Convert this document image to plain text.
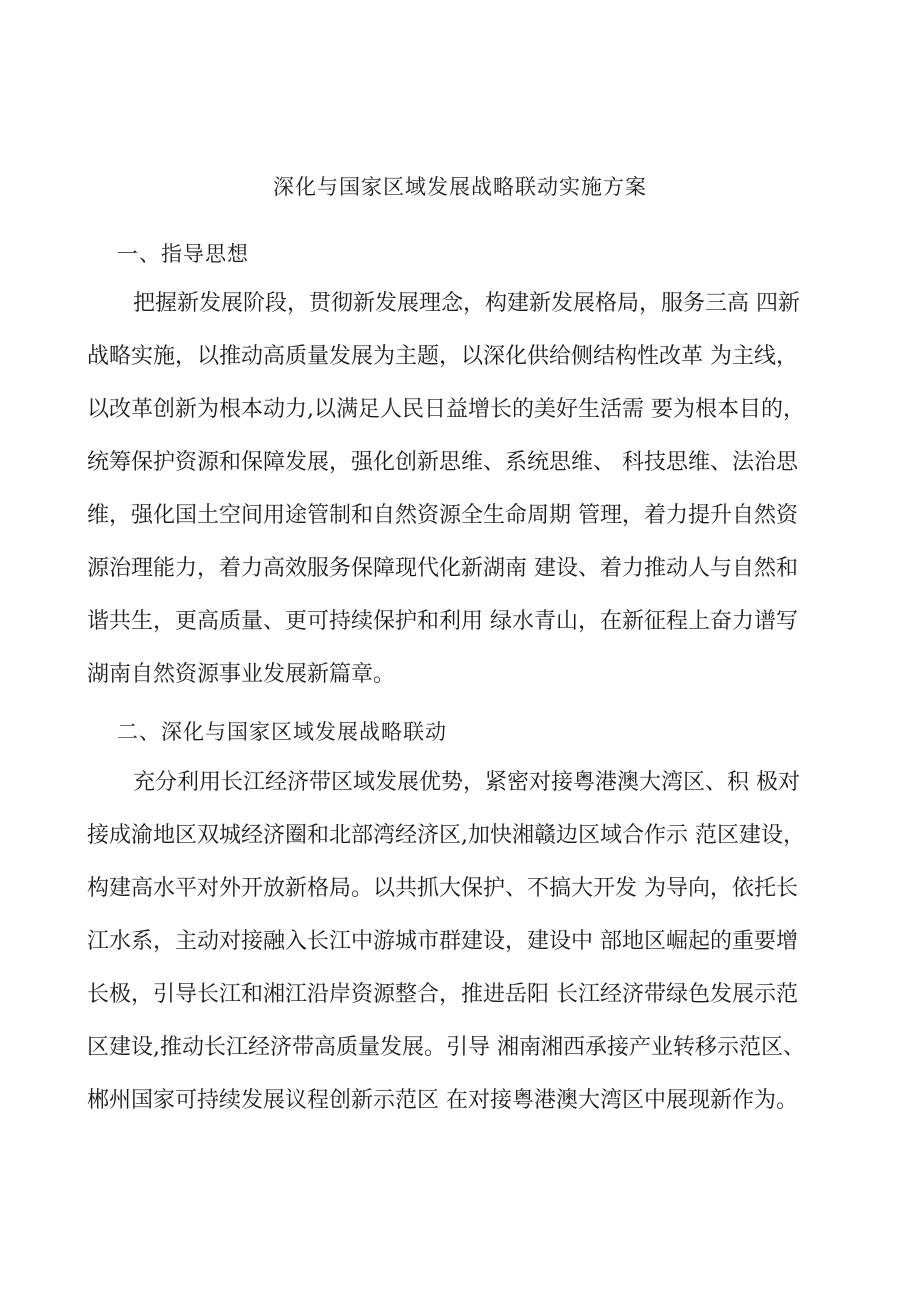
深化与国家区域发展战略联动实施方案
一、指导思想
把握新发展阶段，贯彻新发展理念，构建新发展格局，服务三高 四新
战略实施，以推动高质量发展为主题，以深化供给侧结构性改革 为主线，
以改革创新为根本动力,以满足人民日益增长的美好生活需 要为根本目的，
统筹保护资源和保障发展，强化创新思维、系统思维、 科技思维、法治思
维，强化国土空间用途管制和自然资源全生命周期 管理，着力提升自然资
源治理能力，着力高效服务保障现代化新湖南 建设、着力推动人与自然和
谐共生，更高质量、更可持续保护和利用 绿水青山，在新征程上奋力谱写
湖南自然资源事业发展新篇章。
二、深化与国家区域发展战略联动
充分利用长江经济带区域发展优势，紧密对接粤港澳大湾区、积 极对
接成渝地区双城经济圈和北部湾经济区,加快湘赣边区域合作示 范区建设，
构建高水平对外开放新格局。以共抓大保护、不搞大开发 为导向，依托长
江水系，主动对接融入长江中游城市群建设，建设中 部地区崛起的重要增
长极，引导长江和湘江沿岸资源整合，推进岳阳 长江经济带绿色发展示范
区建设,推动长江经济带高质量发展。引导 湘南湘西承接产业转移示范区、
郴州国家可持续发展议程创新示范区 在对接粤港澳大湾区中展现新作为。
